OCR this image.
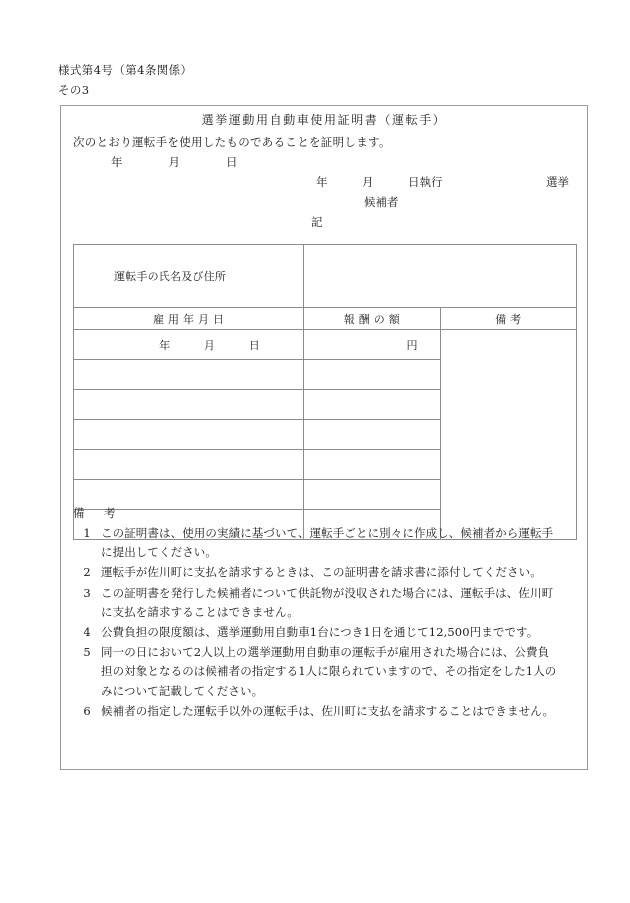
様式第4号（第4条関係）
その3
選挙運動用自動車使用証明書（運転手）
次のとおり運転手を使用したものであることを証明します。
年　　　　月　　　　日
年　　　月　　　日執行　　　　　　　　　選挙
候補者
記
運転手の氏名及び住所		
雇用年月日	報酬の額	備考
年　　　月　　　日	円	

備　考
1 この証明書は、使用の実績に基づいて、運転手ごとに別々に作成し、候補者から運転手
に提出してください。
2 運転手が佐川町に支払を請求するときは、この証明書を請求書に添付してください。
3 この証明書を発行した候補者について供託物が没収された場合には、運転手は、佐川町
に支払を請求することはできません。
4 公費負担の限度額は、選挙運動用自動車1台につき1日を通じて12,500円までです。
5 同一の日において2人以上の選挙運動用自動車の運転手が雇用された場合には、公費負
担の対象となるのは候補者の指定する1人に限られていますので、その指定をした1人の
みについて記載してください。
6 候補者の指定した運転手以外の運転手は、佐川町に支払を請求することはできません。
